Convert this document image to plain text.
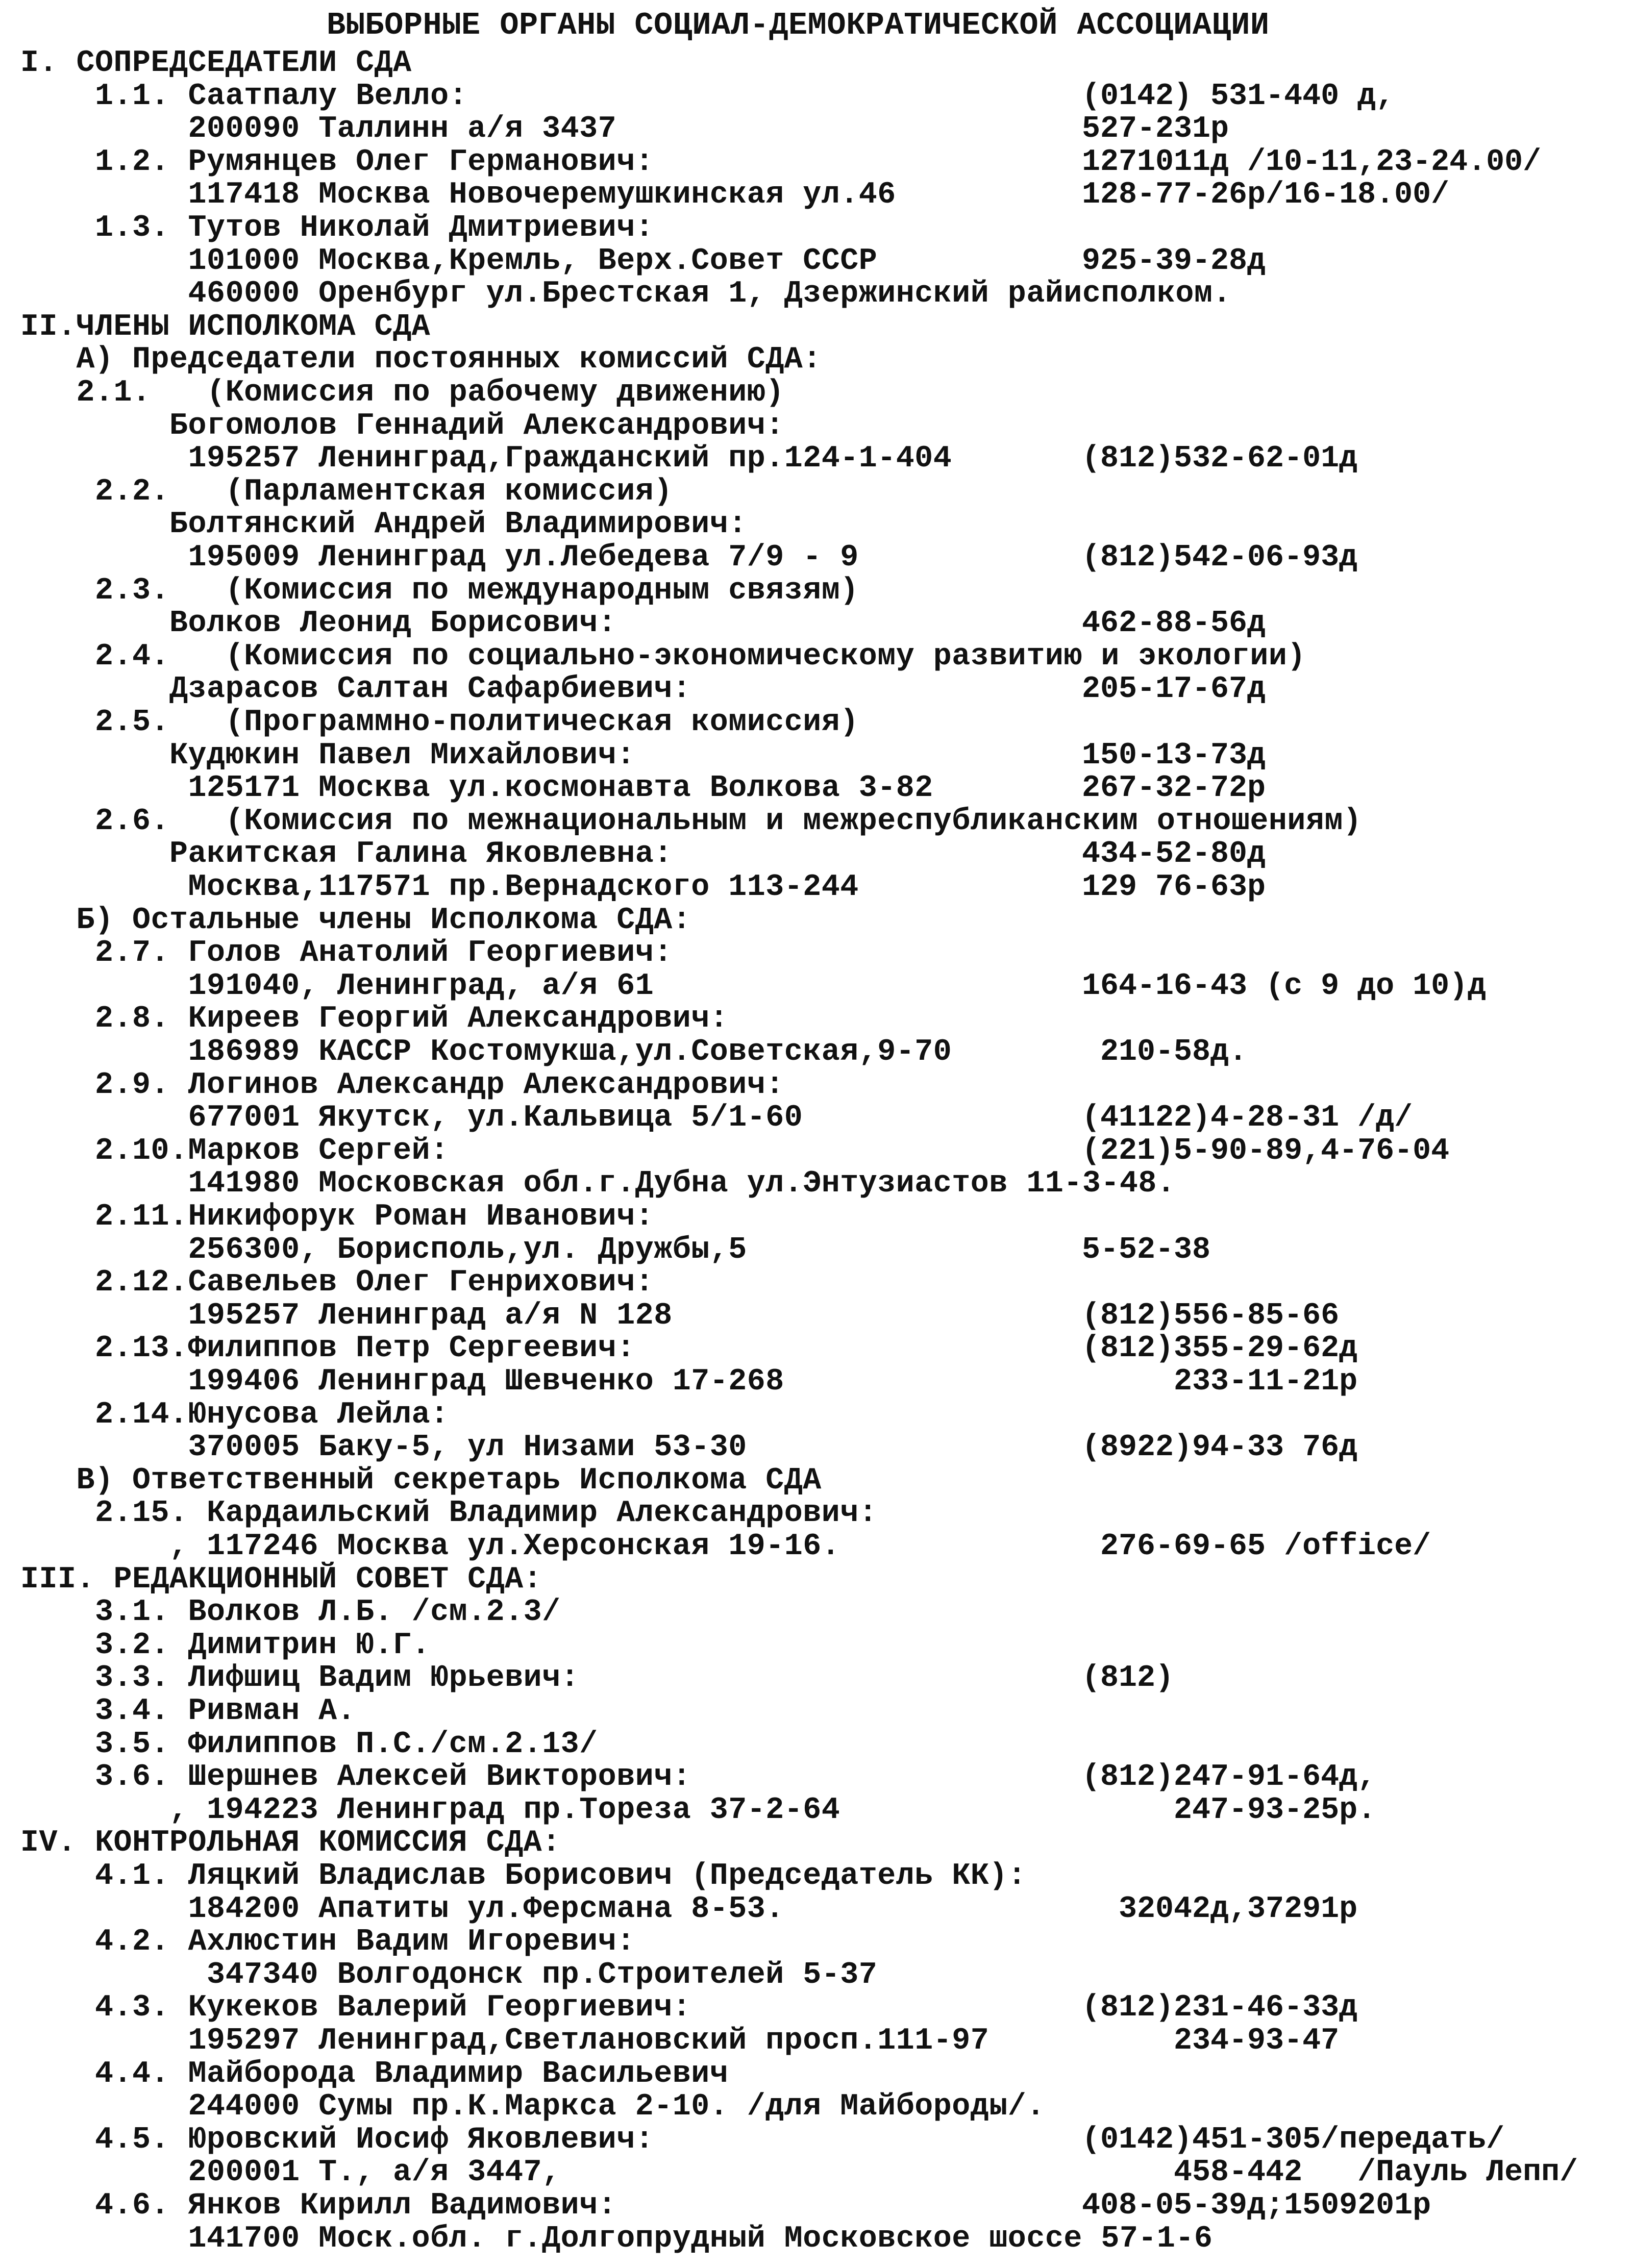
ВЫБОРНЫЕ ОРГАНЫ СОЦИАЛ-ДЕМОКРАТИЧЕСКОЙ АССОЦИАЦИИ
I. СОПРЕДСЕДАТЕЛИ СДА
1.1. Саатпалу Велло:	(0142) 531-440 д,
200090 Таллинн а/я 3437	527-231р
1.2. Румянцев Олег Германович:	1271011д /10-11,23-24.00/
117418 Москва Новочеремушкинская ул.46	128-77-26р/16-18.00/
1.3. Тутов Николай Дмитриевич:
101000 Москва,Кремль, Верх.Совет СССР	925-39-28д
460000 Оренбург ул.Брестская 1, Дзержинский райисполком.
II.ЧЛЕНЫ ИСПОЛКОМА СДА
А) Председатели постоянных комиссий СДА:
2.1.   (Комиссия по рабочему движению)
Богомолов Геннадий Александрович:
195257 Ленинград,Гражданский пр.124-1-404	(812)532-62-01д
2.2.   (Парламентская комиссия)
Болтянский Андрей Владимирович:
195009 Ленинград ул.Лебедева 7/9 - 9	(812)542-06-93д
2.3.   (Комиссия по международным связям)
Волков Леонид Борисович:	462-88-56д
2.4.   (Комиссия по социально-экономическому развитию и экологии)
Дзарасов Салтан Сафарбиевич:	205-17-67д
2.5.   (Программно-политическая комиссия)
Кудюкин Павел Михайлович:	150-13-73д
125171 Москва ул.космонавта Волкова 3-82	267-32-72р
2.6.   (Комиссия по межнациональным и межреспубликанским отношениям)
Ракитская Галина Яковлевна:	434-52-80д
Москва,117571 пр.Вернадского 113-244	129 76-63р
Б) Остальные члены Исполкома СДА:
2.7. Голов Анатолий Георгиевич:
191040, Ленинград, а/я 61	164-16-43 (с 9 до 10)д
2.8. Киреев Георгий Александрович:
186989 КАССР Костомукша,ул.Советская,9-70	210-58д.
2.9. Логинов Александр Александрович:
677001 Якутск, ул.Кальвица 5/1-60	(41122)4-28-31 /д/
2.10.Марков Сергей:	(221)5-90-89,4-76-04
141980 Московская обл.г.Дубна ул.Энтузиастов 11-3-48.
2.11.Никифорук Роман Иванович:
256300, Борисполь,ул. Дружбы,5	5-52-38
2.12.Савельев Олег Генрихович:
195257 Ленинград а/я N 128	(812)556-85-66
2.13.Филиппов Петр Сергеевич:	(812)355-29-62д
199406 Ленинград Шевченко 17-268	233-11-21р
2.14.Юнусова Лейла:
370005 Баку-5, ул Низами 53-30	(8922)94-33 76д
В) Ответственный секретарь Исполкома СДА
2.15. Кардаильский Владимир Александрович:
, 117246 Москва ул.Херсонская 19-16.	276-69-65 /office/
III. РЕДАКЦИОННЫЙ СОВЕТ СДА:
3.1. Волков Л.Б. /см.2.3/
3.2. Димитрин Ю.Г.
3.3. Лифшиц Вадим Юрьевич:	(812)
3.4. Ривман А.
3.5. Филиппов П.С./см.2.13/
3.6. Шершнев Алексей Викторович:	(812)247-91-64д,
, 194223 Ленинград пр.Тореза 37-2-64	247-93-25р.
IV. КОНТРОЛЬНАЯ КОМИССИЯ СДА:
4.1. Ляцкий Владислав Борисович (Председатель КК):
184200 Апатиты ул.Ферсмана 8-53.	32042д,37291р
4.2. Ахлюстин Вадим Игоревич:
347340 Волгодонск пр.Строителей 5-37
4.3. Кукеков Валерий Георгиевич:	(812)231-46-33д
195297 Ленинград,Светлановский просп.111-97	234-93-47
4.4. Майборода Владимир Васильевич
244000 Сумы пр.К.Маркса 2-10. /для Майбороды/.
4.5. Юровский Иосиф Яковлевич:	(0142)451-305/передать/
200001 Т., а/я 3447,	458-442   /Пауль Лепп/
4.6. Янков Кирилл Вадимович:	408-05-39д;1509201р
141700 Моск.обл. г.Долгопрудный Московское шоссе 57-1-6
